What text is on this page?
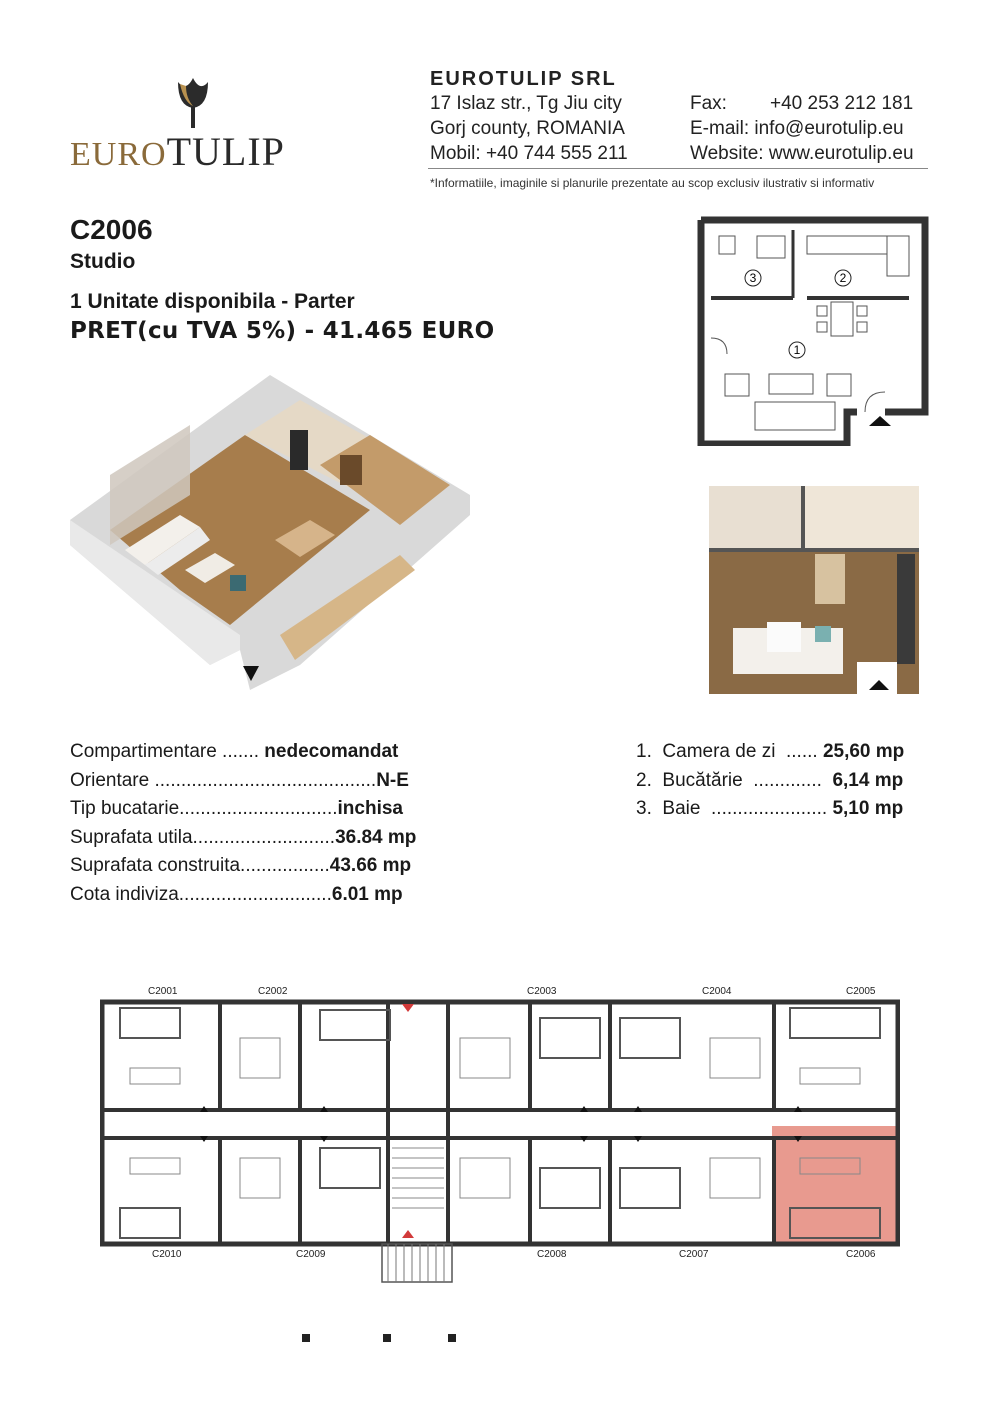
EUROTULIP
EUROTULIP SRL
17 Islaz str., Tg Jiu city
Gorj county, ROMANIA
Mobil: +40 744 555 211
Fax: +40 253 212 181
E-mail: info@eurotulip.eu
Website: www.eurotulip.eu
*Informatiile, imaginile si planurile prezentate au scop exclusiv ilustrativ si informativ
C2006
Studio
1 Unitate disponibila - Parter
PRET(cu TVA 5%) - 41.465 EURO
3	2
1
Compartimentare ....... nedecomandat
Orientare ..........................................N-E
Tip bucatarie..............................inchisa
Suprafata utila...........................36.84 mp
Suprafata construita.................43.66 mp
Cota indiviza.............................6.01 mp
1. Camera de zi ...... 25,60 mp
2. Bucătărie ............. 6,14 mp
3. Baie ...................... 5,10 mp
C2001	C2002	C2003	C2004	C2005
C2010	C2009	C2008	C2007	C2006
